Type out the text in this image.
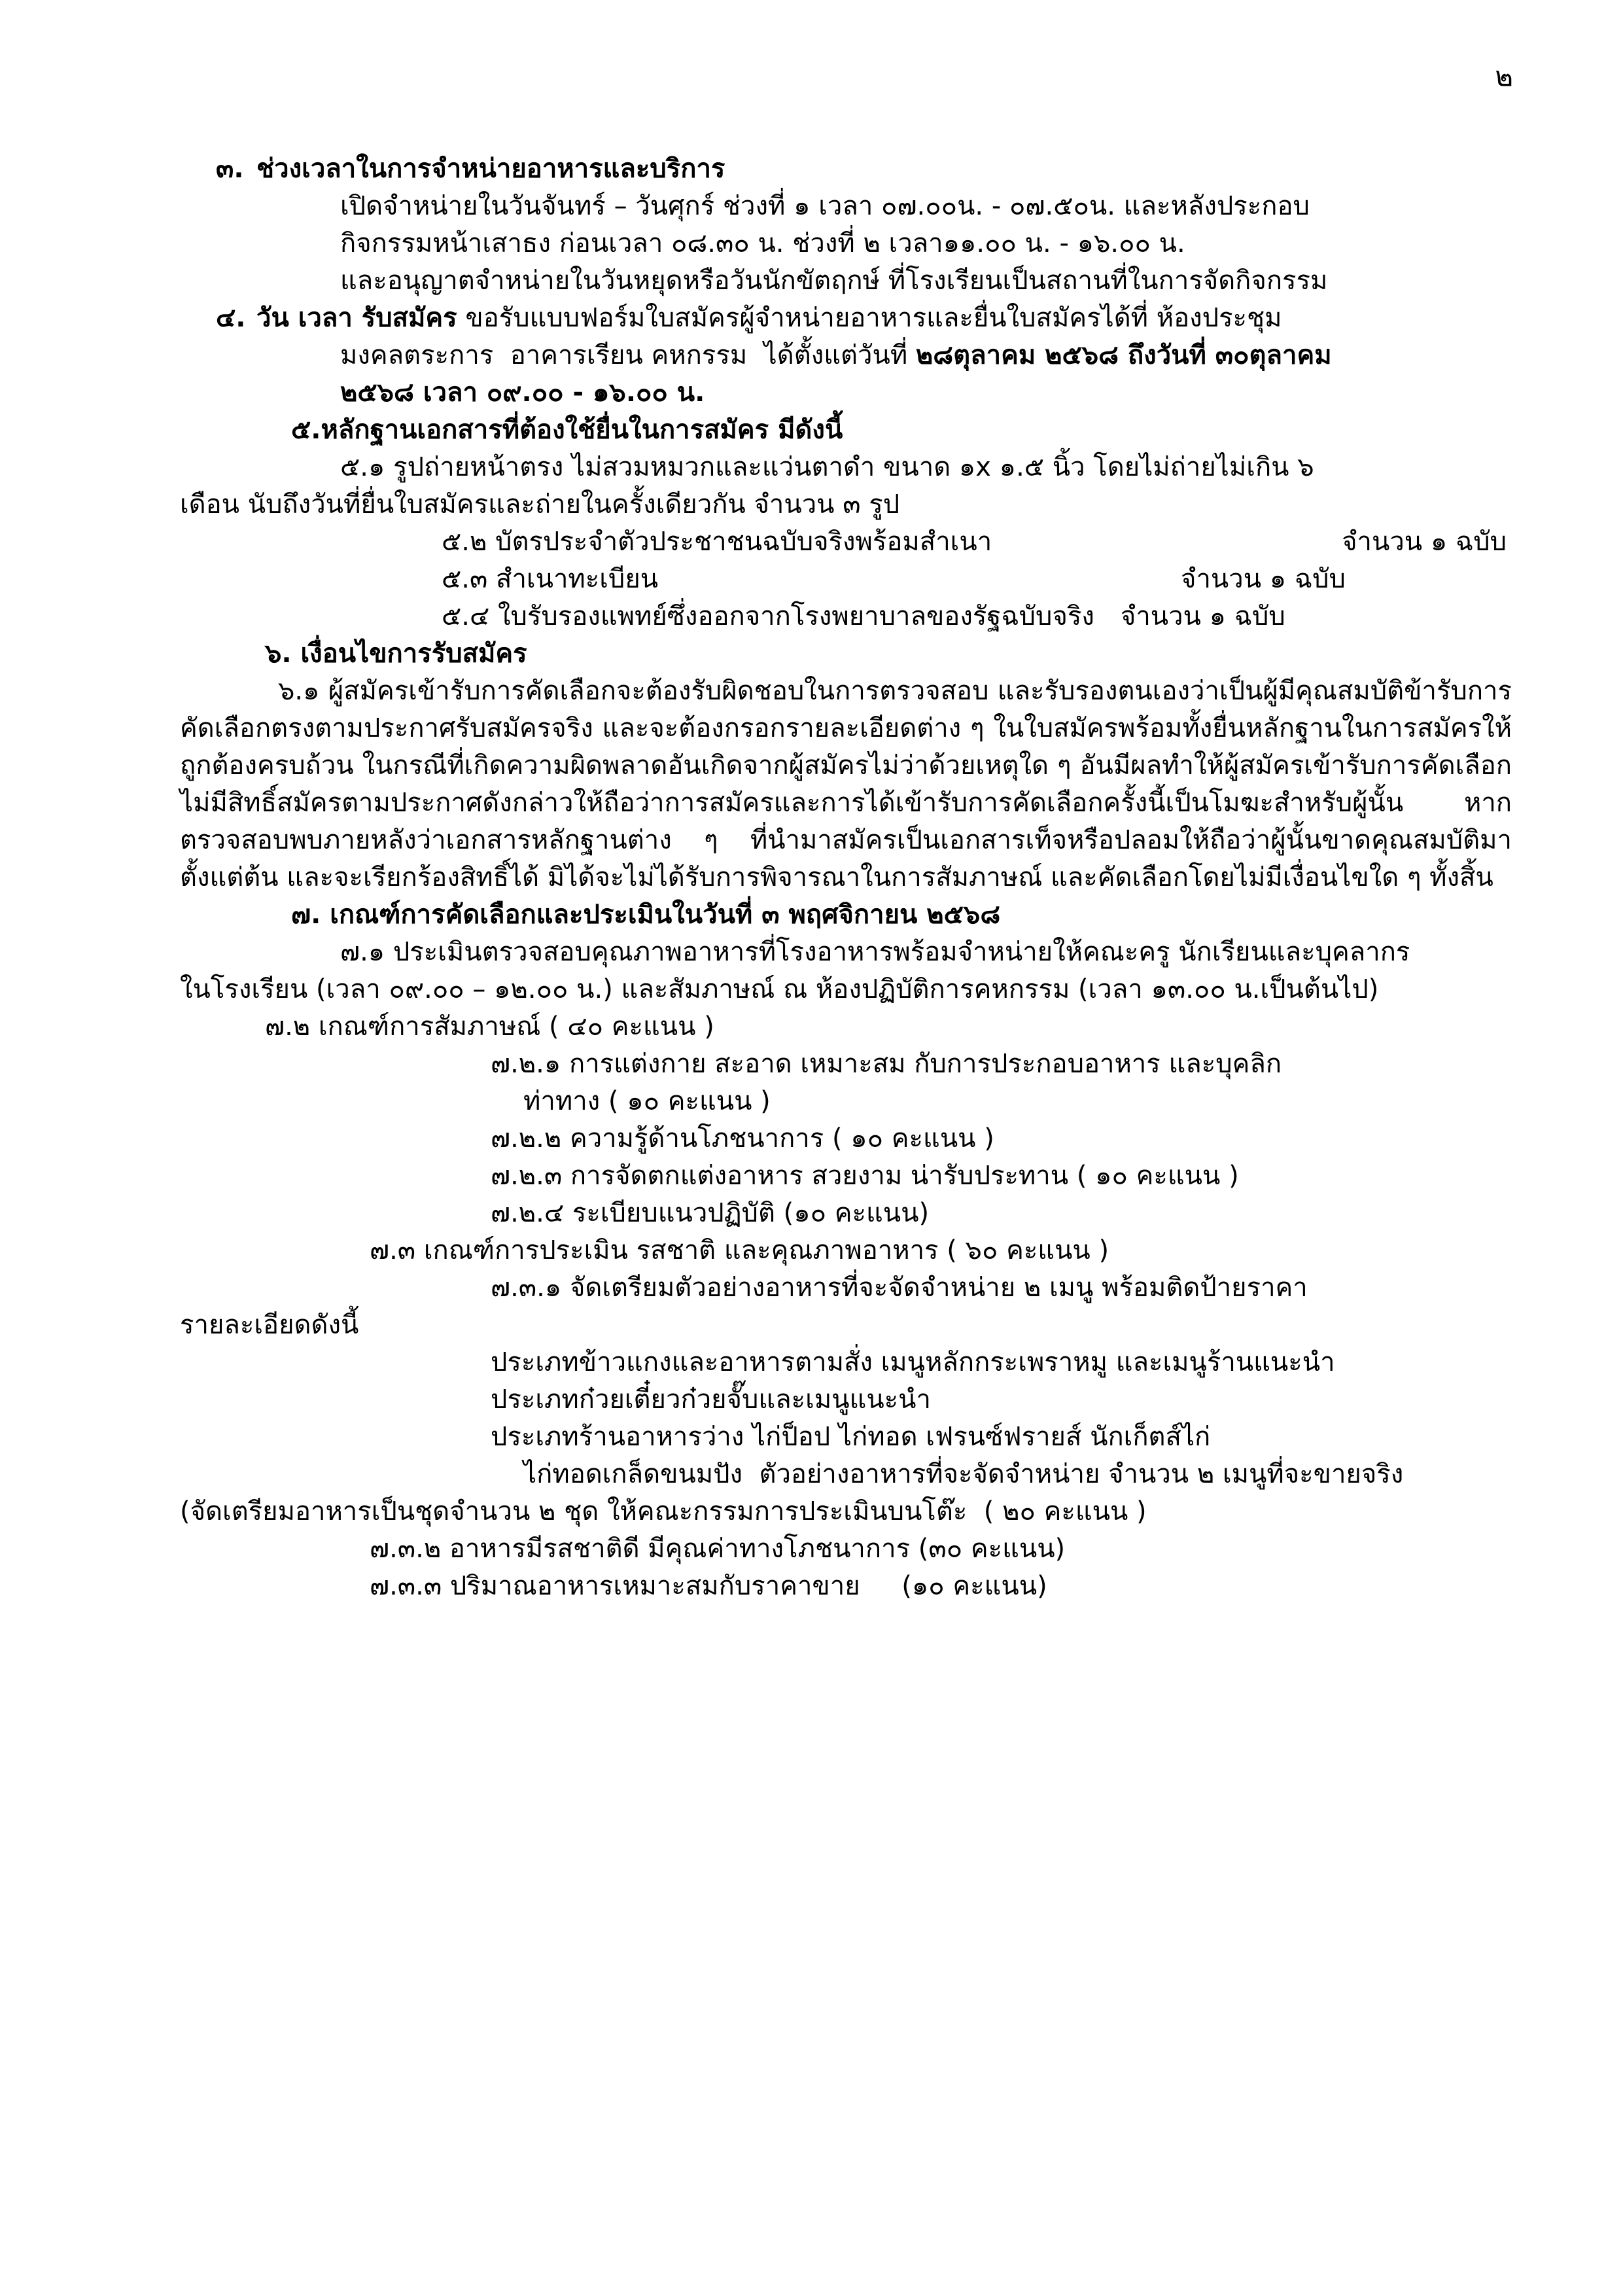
๒
๓. ช่วงเวลาในการจำหน่ายอาหารและบริการ
เปิดจำหน่ายในวันจันทร์ – วันศุกร์ ช่วงที่ ๑ เวลา ๐๗.๐๐น. - ๐๗.๕๐น. และหลังประกอบ
กิจกรรมหน้าเสาธง ก่อนเวลา ๐๘.๓๐ น. ช่วงที่ ๒ เวลา๑๑.๐๐ น. - ๑๖.๐๐ น.
และอนุญาตจำหน่ายในวันหยุดหรือวันนักขัตฤกษ์ ที่โรงเรียนเป็นสถานที่ในการจัดกิจกรรม
๔. วัน เวลา รับสมัคร ขอรับแบบฟอร์มใบสมัครผู้จำหน่ายอาหารและยื่นใบสมัครได้ที่ ห้องประชุม
มงคลตระการ  อาคารเรียน คหกรรม  ได้ตั้งแต่วันที่ ๒๘ตุลาคม ๒๕๖๘ ถึงวันที่ ๓๐ตุลาคม
๒๕๖๘ เวลา ๐๙.๐๐ - ๑๖.๐๐ น.
๕.หลักฐานเอกสารที่ต้องใช้ยื่นในการสมัคร มีดังนี้
๕.๑ รูปถ่ายหน้าตรง ไม่สวมหมวกและแว่นตาดำ ขนาด ๑x ๑.๕ นิ้ว โดยไม่ถ่ายไม่เกิน ๖
เดือน นับถึงวันที่ยื่นใบสมัครและถ่ายในครั้งเดียวกัน จำนวน ๓ รูป
๕.๒ บัตรประจำตัวประชาชนฉบับจริงพร้อมสำเนา	จำนวน ๑ ฉบับ
๕.๓ สำเนาทะเบียน	จำนวน ๑ ฉบับ
๕.๔ ใบรับรองแพทย์ซึ่งออกจากโรงพยาบาลของรัฐฉบับจริง จำนวน ๑ ฉบับ
๖. เงื่อนไขการรับสมัคร
๖.๑ ผู้สมัครเข้ารับการคัดเลือกจะต้องรับผิดชอบในการตรวจสอบ และรับรองตนเองว่าเป็นผู้มีคุณสมบัติข้ารับการคัดเลือกตรงตามประกาศรับสมัครจริง และจะต้องกรอกรายละเอียดต่าง ๆ ในใบสมัครพร้อมทั้งยื่นหลักฐานในการสมัครให้ถูกต้องครบถ้วน ในกรณีที่เกิดความผิดพลาดอันเกิดจากผู้สมัครไม่ว่าด้วยเหตุใด ๆ อันมีผลทำให้ผู้สมัครเข้ารับการคัดเลือกไม่มีสิทธิ์สมัครตามประกาศดังกล่าวให้ถือว่าการสมัครและการได้เข้ารับการคัดเลือกครั้งนี้เป็นโมฆะสำหรับผู้นั้น หากตรวจสอบพบภายหลังว่าเอกสารหลักฐานต่าง ๆ ที่นำมาสมัครเป็นเอกสารเท็จหรือปลอมให้ถือว่าผู้นั้นขาดคุณสมบัติมาตั้งแต่ต้น และจะเรียกร้องสิทธิ์ได้ มิได้จะไม่ได้รับการพิจารณาในการสัมภาษณ์ และคัดเลือกโดยไม่มีเงื่อนไขใด ๆ ทั้งสิ้น
๗. เกณฑ์การคัดเลือกและประเมินในวันที่ ๓ พฤศจิกายน ๒๕๖๘
๗.๑ ประเมินตรวจสอบคุณภาพอาหารที่โรงอาหารพร้อมจำหน่ายให้คณะครู นักเรียนและบุคลากร
ในโรงเรียน (เวลา ๐๙.๐๐ – ๑๒.๐๐ น.) และสัมภาษณ์ ณ ห้องปฏิบัติการคหกรรม (เวลา ๑๓.๐๐ น.เป็นต้นไป)
๗.๒ เกณฑ์การสัมภาษณ์ ( ๔๐ คะแนน )
๗.๒.๑ การแต่งกาย สะอาด เหมาะสม กับการประกอบอาหาร และบุคลิก
ท่าทาง ( ๑๐ คะแนน )
๗.๒.๒ ความรู้ด้านโภชนาการ ( ๑๐ คะแนน )
๗.๒.๓ การจัดตกแต่งอาหาร สวยงาม น่ารับประทาน ( ๑๐ คะแนน )
๗.๒.๔ ระเบียบแนวปฏิบัติ (๑๐ คะแนน)
๗.๓ เกณฑ์การประเมิน รสชาติ และคุณภาพอาหาร ( ๖๐ คะแนน )
๗.๓.๑ จัดเตรียมตัวอย่างอาหารที่จะจัดจำหน่าย ๒ เมนู พร้อมติดป้ายราคา
รายละเอียดดังนี้
ประเภทข้าวแกงและอาหารตามสั่ง เมนูหลักกระเพราหมู และเมนูร้านแนะนำ
ประเภทก๋วยเตี๋ยวก๋วยจั๊บและเมนูแนะนำ
ประเภทร้านอาหารว่าง ไก่ป็อป ไก่ทอด เฟรนซ์ฟรายส์ นักเก็ตส์ไก่
ไก่ทอดเกล็ดขนมปัง  ตัวอย่างอาหารที่จะจัดจำหน่าย จำนวน ๒ เมนูที่จะขายจริง
(จัดเตรียมอาหารเป็นชุดจำนวน ๒ ชุด ให้คณะกรรมการประเมินบนโต๊ะ  ( ๒๐ คะแนน )
๗.๓.๒ อาหารมีรสชาติดี มีคุณค่าทางโภชนาการ (๓๐ คะแนน)
๗.๓.๓ ปริมาณอาหารเหมาะสมกับราคาขาย     (๑๐ คะแนน)
